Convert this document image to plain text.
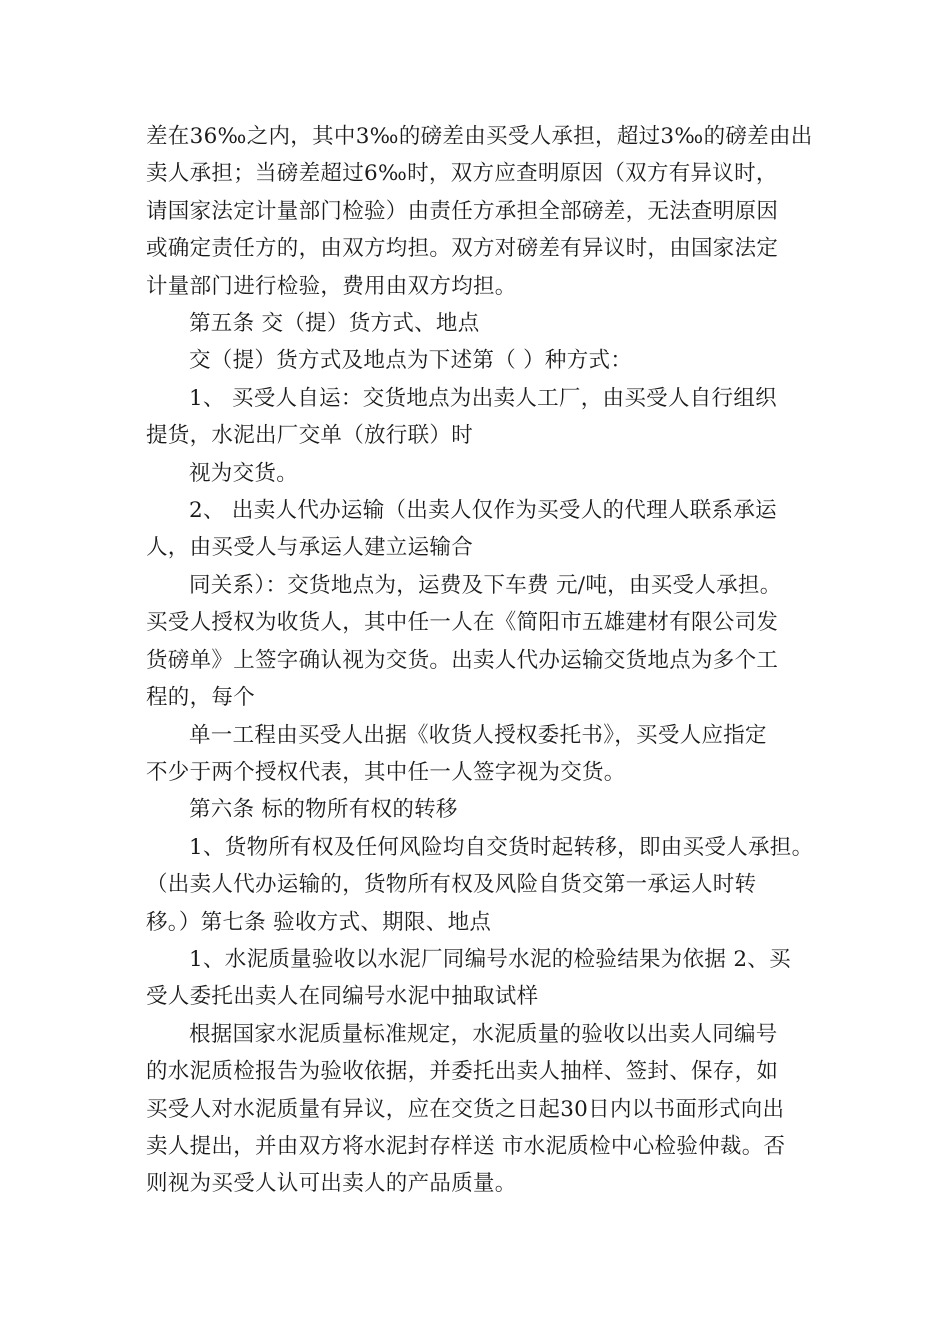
差在36‰之内，其中3‰的磅差由买受人承担，超过3‰的磅差由出

卖人承担；当磅差超过6‰时，双方应查明原因（双方有异议时，

请国家法定计量部门检验）由责任方承担全部磅差，无法查明原因

或确定责任方的，由双方均担。双方对磅差有异议时，由国家法定

计量部门进行检验，费用由双方均担。

第五条 交（提）货方式、地点

交（提）货方式及地点为下述第（ ）种方式：

1、 买受人自运：交货地点为出卖人工厂，由买受人自行组织

提货，水泥出厂交单（放行联）时

视为交货。

2、 出卖人代办运输（出卖人仅作为买受人的代理人联系承运

人，由买受人与承运人建立运输合

同关系）：交货地点为，运费及下车费 元/吨，由买受人承担。

买受人授权为收货人，其中任一人在《简阳市五雄建材有限公司发

货磅单》上签字确认视为交货。出卖人代办运输交货地点为多个工

程的，每个

单一工程由买受人出据《收货人授权委托书》，买受人应指定

不少于两个授权代表，其中任一人签字视为交货。

第六条 标的物所有权的转移

1、货物所有权及任何风险均自交货时起转移，即由买受人承担。

（出卖人代办运输的，货物所有权及风险自货交第一承运人时转

移。）第七条 验收方式、期限、地点

1、水泥质量验收以水泥厂同编号水泥的检验结果为依据 2、买

受人委托出卖人在同编号水泥中抽取试样

根据国家水泥质量标准规定，水泥质量的验收以出卖人同编号

的水泥质检报告为验收依据，并委托出卖人抽样、签封、保存，如

买受人对水泥质量有异议，应在交货之日起30日内以书面形式向出

卖人提出，并由双方将水泥封存样送 市水泥质检中心检验仲裁。否

则视为买受人认可出卖人的产品质量。
